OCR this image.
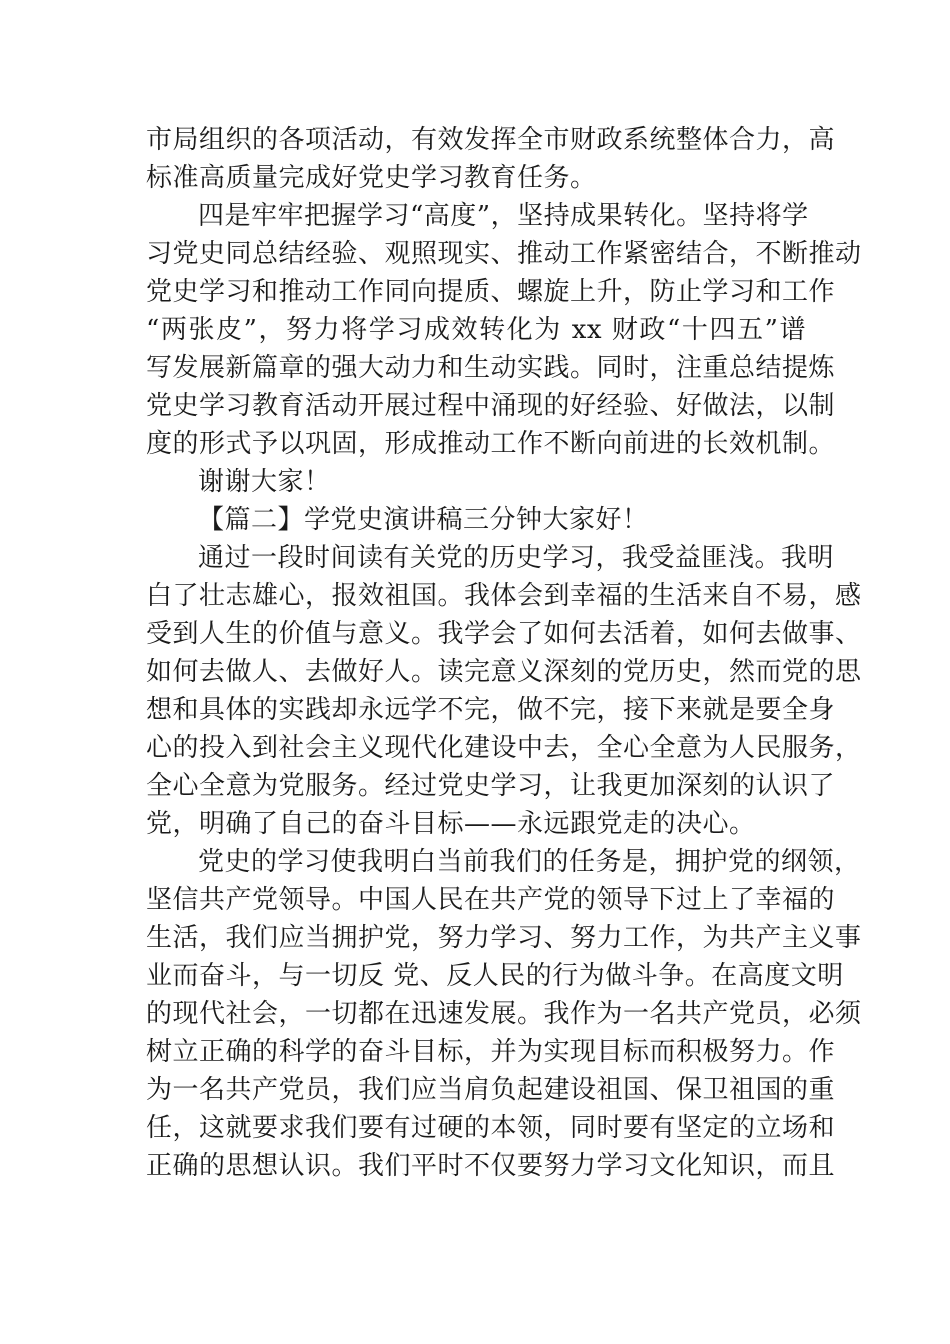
市局组织的各项活动，有效发挥全市财政系统整体合力，高

标准高质量完成好党史学习教育任务。

四是牢牢把握学习“高度”，坚持成果转化。坚持将学

习党史同总结经验、观照现实、推动工作紧密结合，不断推动

党史学习和推动工作同向提质、螺旋上升，防止学习和工作

“两张皮”，努力将学习成效转化为 xx 财政“十四五”谱

写发展新篇章的强大动力和生动实践。同时，注重总结提炼

党史学习教育活动开展过程中涌现的好经验、好做法，以制

度的形式予以巩固，形成推动工作不断向前进的长效机制。

谢谢大家！

【篇二】学党史演讲稿三分钟大家好！

通过一段时间读有关党的历史学习，我受益匪浅。我明

白了壮志雄心，报效祖国。我体会到幸福的生活来自不易，感

受到人生的价值与意义。我学会了如何去活着，如何去做事、

如何去做人、去做好人。读完意义深刻的党历史，然而党的思

想和具体的实践却永远学不完，做不完，接下来就是要全身

心的投入到社会主义现代化建设中去，全心全意为人民服务，

全心全意为党服务。经过党史学习，让我更加深刻的认识了

党，明确了自己的奋斗目标——永远跟党走的决心。

党史的学习使我明白当前我们的任务是，拥护党的纲领，

坚信共产党领导。中国人民在共产党的领导下过上了幸福的

生活，我们应当拥护党，努力学习、努力工作，为共产主义事

业而奋斗，与一切反 党、反人民的行为做斗争。在高度文明

的现代社会，一切都在迅速发展。我作为一名共产党员，必须

树立正确的科学的奋斗目标，并为实现目标而积极努力。作

为一名共产党员，我们应当肩负起建设祖国、保卫祖国的重

任，这就要求我们要有过硬的本领，同时要有坚定的立场和

正确的思想认识。我们平时不仅要努力学习文化知识，而且
